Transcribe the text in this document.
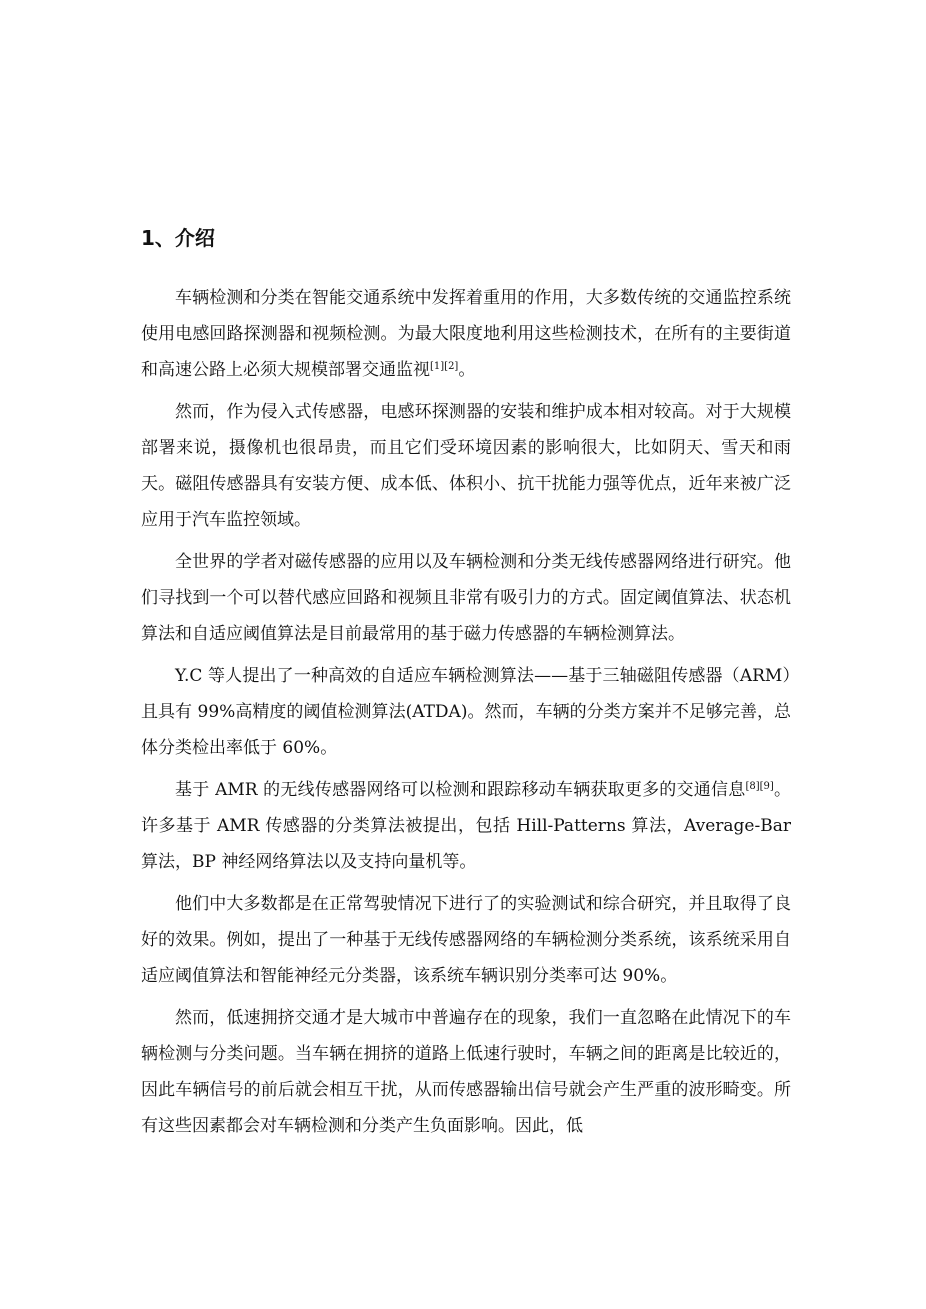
1、介绍

车辆检测和分类在智能交通系统中发挥着重用的作用，大多数传统的交通监控系统使用电感回路探测器和视频检测。为最大限度地利用这些检测技术，在所有的主要街道和高速公路上必须大规模部署交通监视[1][2]。

然而，作为侵入式传感器，电感环探测器的安装和维护成本相对较高。对于大规模部署来说，摄像机也很昂贵，而且它们受环境因素的影响很大，比如阴天、雪天和雨天。磁阻传感器具有安装方便、成本低、体积小、抗干扰能力强等优点，近年来被广泛应用于汽车监控领域。

全世界的学者对磁传感器的应用以及车辆检测和分类无线传感器网络进行研究。他们寻找到一个可以替代感应回路和视频且非常有吸引力的方式。固定阈值算法、状态机算法和自适应阈值算法是目前最常用的基于磁力传感器的车辆检测算法。

Y.C 等人提出了一种高效的自适应车辆检测算法——基于三轴磁阻传感器（ARM）且具有 99%高精度的阈值检测算法(ATDA)。然而，车辆的分类方案并不足够完善，总体分类检出率低于 60%。

基于 AMR 的无线传感器网络可以检测和跟踪移动车辆获取更多的交通信息[8][9]。许多基于 AMR 传感器的分类算法被提出，包括 Hill-Patterns 算法，Average-Bar 算法，BP 神经网络算法以及支持向量机等。

他们中大多数都是在正常驾驶情况下进行了的实验测试和综合研究，并且取得了良好的效果。例如，提出了一种基于无线传感器网络的车辆检测分类系统，该系统采用自适应阈值算法和智能神经元分类器，该系统车辆识别分类率可达 90%。

然而，低速拥挤交通才是大城市中普遍存在的现象，我们一直忽略在此情况下的车辆检测与分类问题。当车辆在拥挤的道路上低速行驶时，车辆之间的距离是比较近的，因此车辆信号的前后就会相互干扰，从而传感器输出信号就会产生严重的波形畸变。所有这些因素都会对车辆检测和分类产生负面影响。因此，低
